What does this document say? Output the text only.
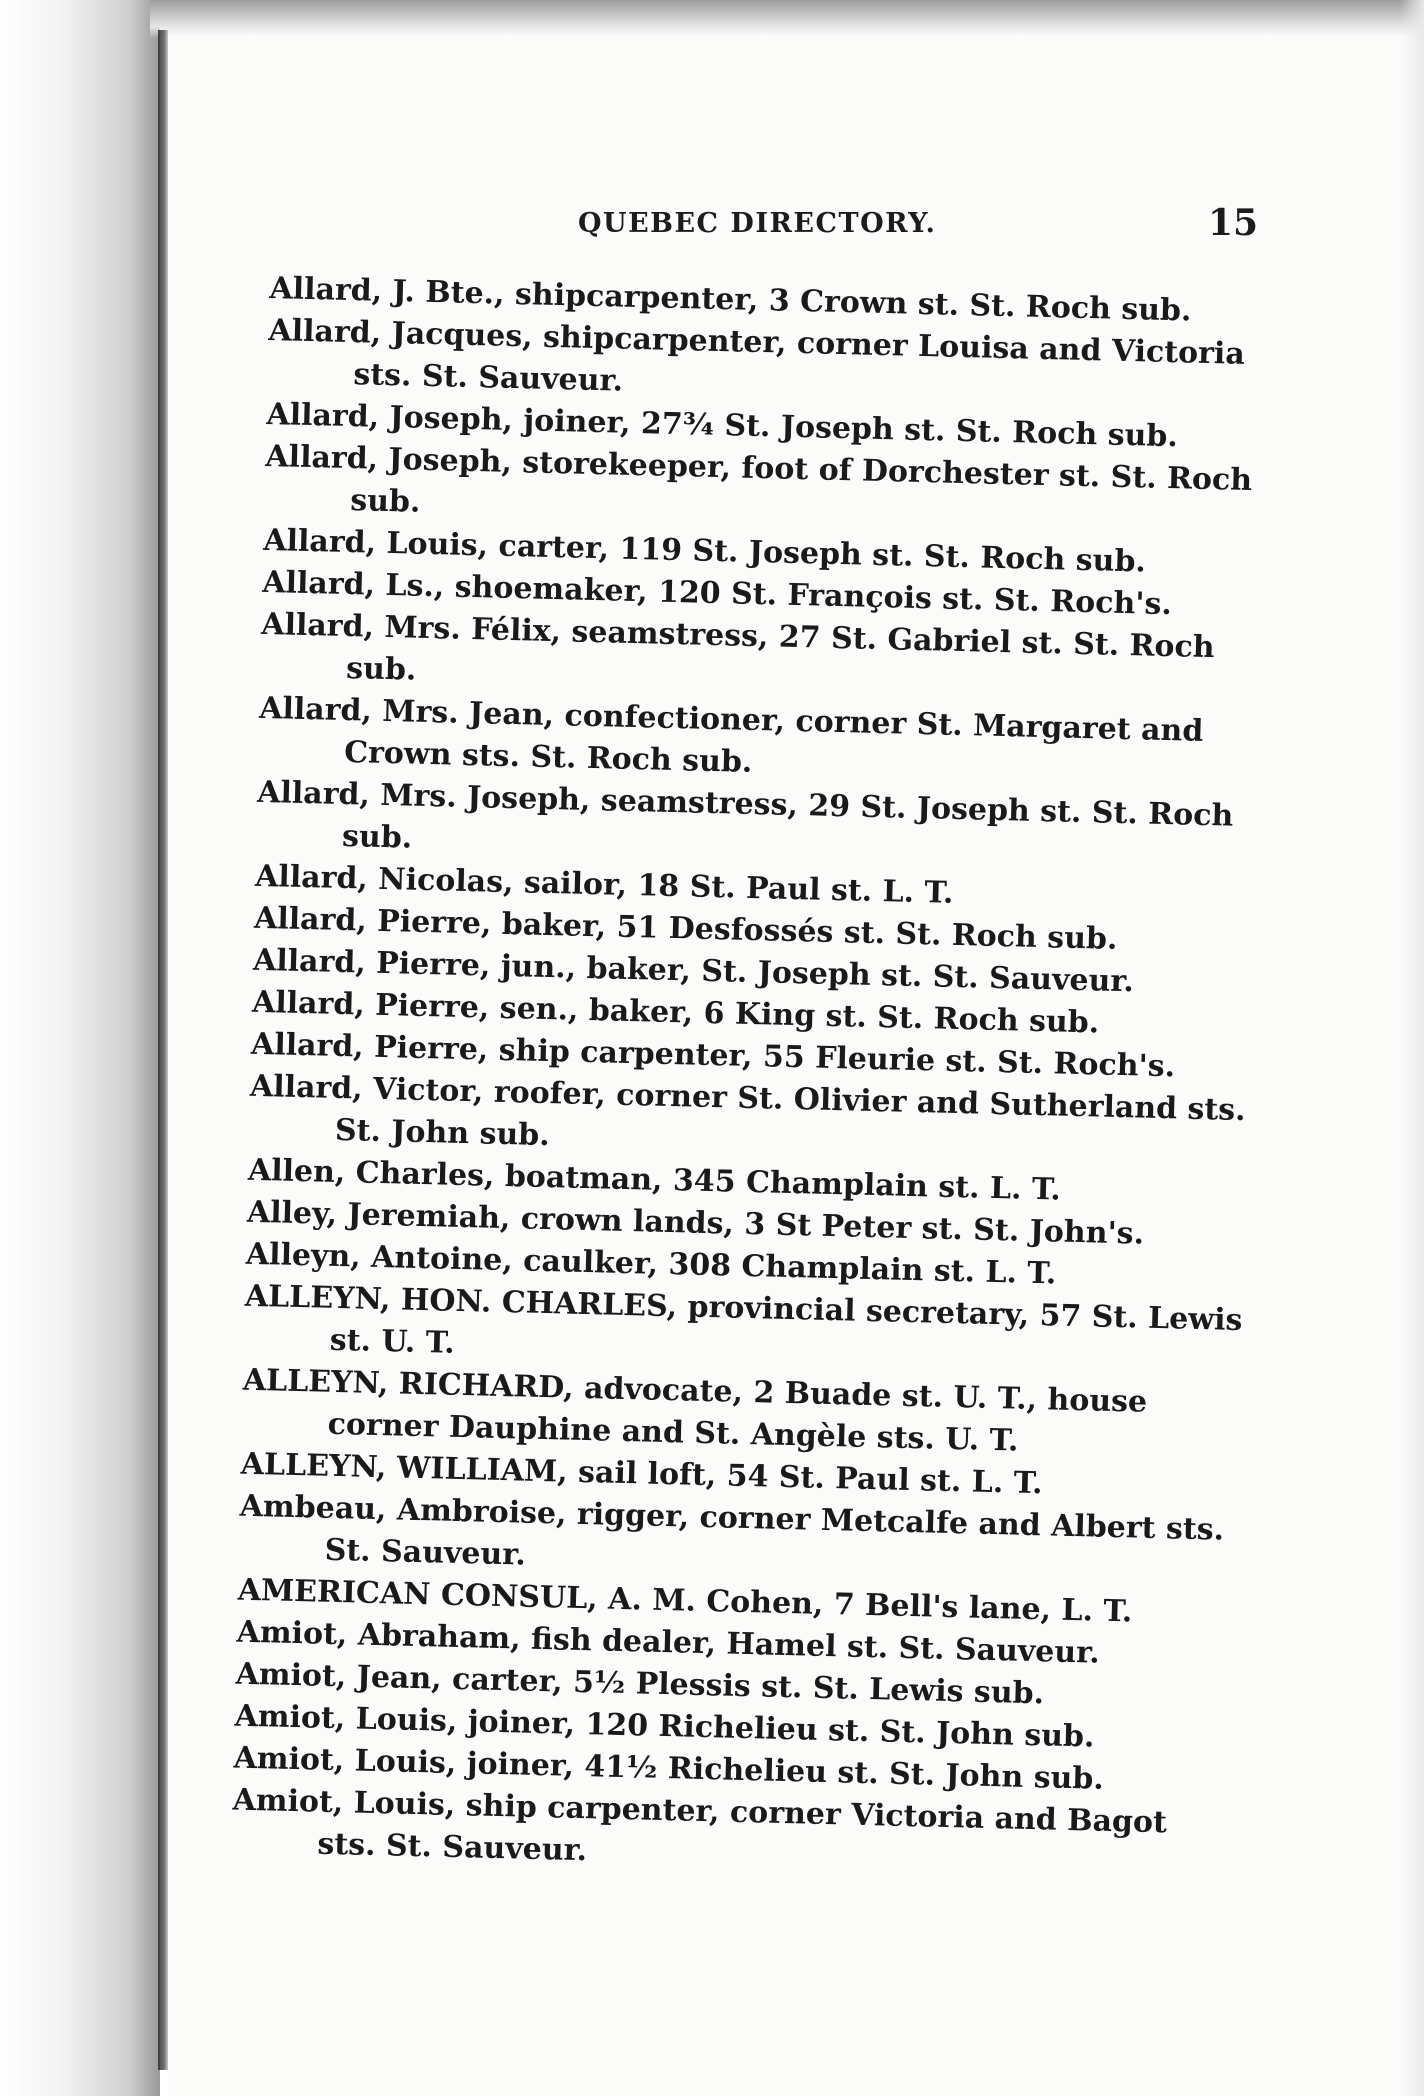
QUEBEC DIRECTORY.	15

Allard, J. Bte., shipcarpenter, 3 Crown st. St. Roch sub.

Allard, Jacques, shipcarpenter, corner Louisa and Victoria sts. St. Sauveur.

Allard, Joseph, joiner, 27¾ St. Joseph st. St. Roch sub.

Allard, Joseph, storekeeper, foot of Dorchester st. St. Roch sub.

Allard, Louis, carter, 119 St. Joseph st. St. Roch sub.

Allard, Ls., shoemaker, 120 St. François st. St. Roch's.

Allard, Mrs. Félix, seamstress, 27 St. Gabriel st. St. Roch sub.

Allard, Mrs. Jean, confectioner, corner St. Margaret and Crown sts. St. Roch sub.

Allard, Mrs. Joseph, seamstress, 29 St. Joseph st. St. Roch sub.

Allard, Nicolas, sailor, 18 St. Paul st. L. T.

Allard, Pierre, baker, 51 Desfossés st. St. Roch sub.

Allard, Pierre, jun., baker, St. Joseph st. St. Sauveur.

Allard, Pierre, sen., baker, 6 King st. St. Roch sub.

Allard, Pierre, ship carpenter, 55 Fleurie st. St. Roch's.

Allard, Victor, roofer, corner St. Olivier and Sutherland sts. St. John sub.

Allen, Charles, boatman, 345 Champlain st. L. T.

Alley, Jeremiah, crown lands, 3 St Peter st. St. John's.

Alleyn, Antoine, caulker, 308 Champlain st. L. T.

ALLEYN, HON. CHARLES, provincial secretary, 57 St. Lewis st. U. T.

ALLEYN, RICHARD, advocate, 2 Buade st. U. T., house corner Dauphine and St. Angèle sts. U. T.

ALLEYN, WILLIAM, sail loft, 54 St. Paul st. L. T.

Ambeau, Ambroise, rigger, corner Metcalfe and Albert sts. St. Sauveur.

AMERICAN CONSUL, A. M. Cohen, 7 Bell's lane, L. T.

Amiot, Abraham, fish dealer, Hamel st. St. Sauveur.

Amiot, Jean, carter, 5½ Plessis st. St. Lewis sub.

Amiot, Louis, joiner, 120 Richelieu st. St. John sub.

Amiot, Louis, joiner, 41½ Richelieu st. St. John sub.

Amiot, Louis, ship carpenter, corner Victoria and Bagot sts. St. Sauveur.
